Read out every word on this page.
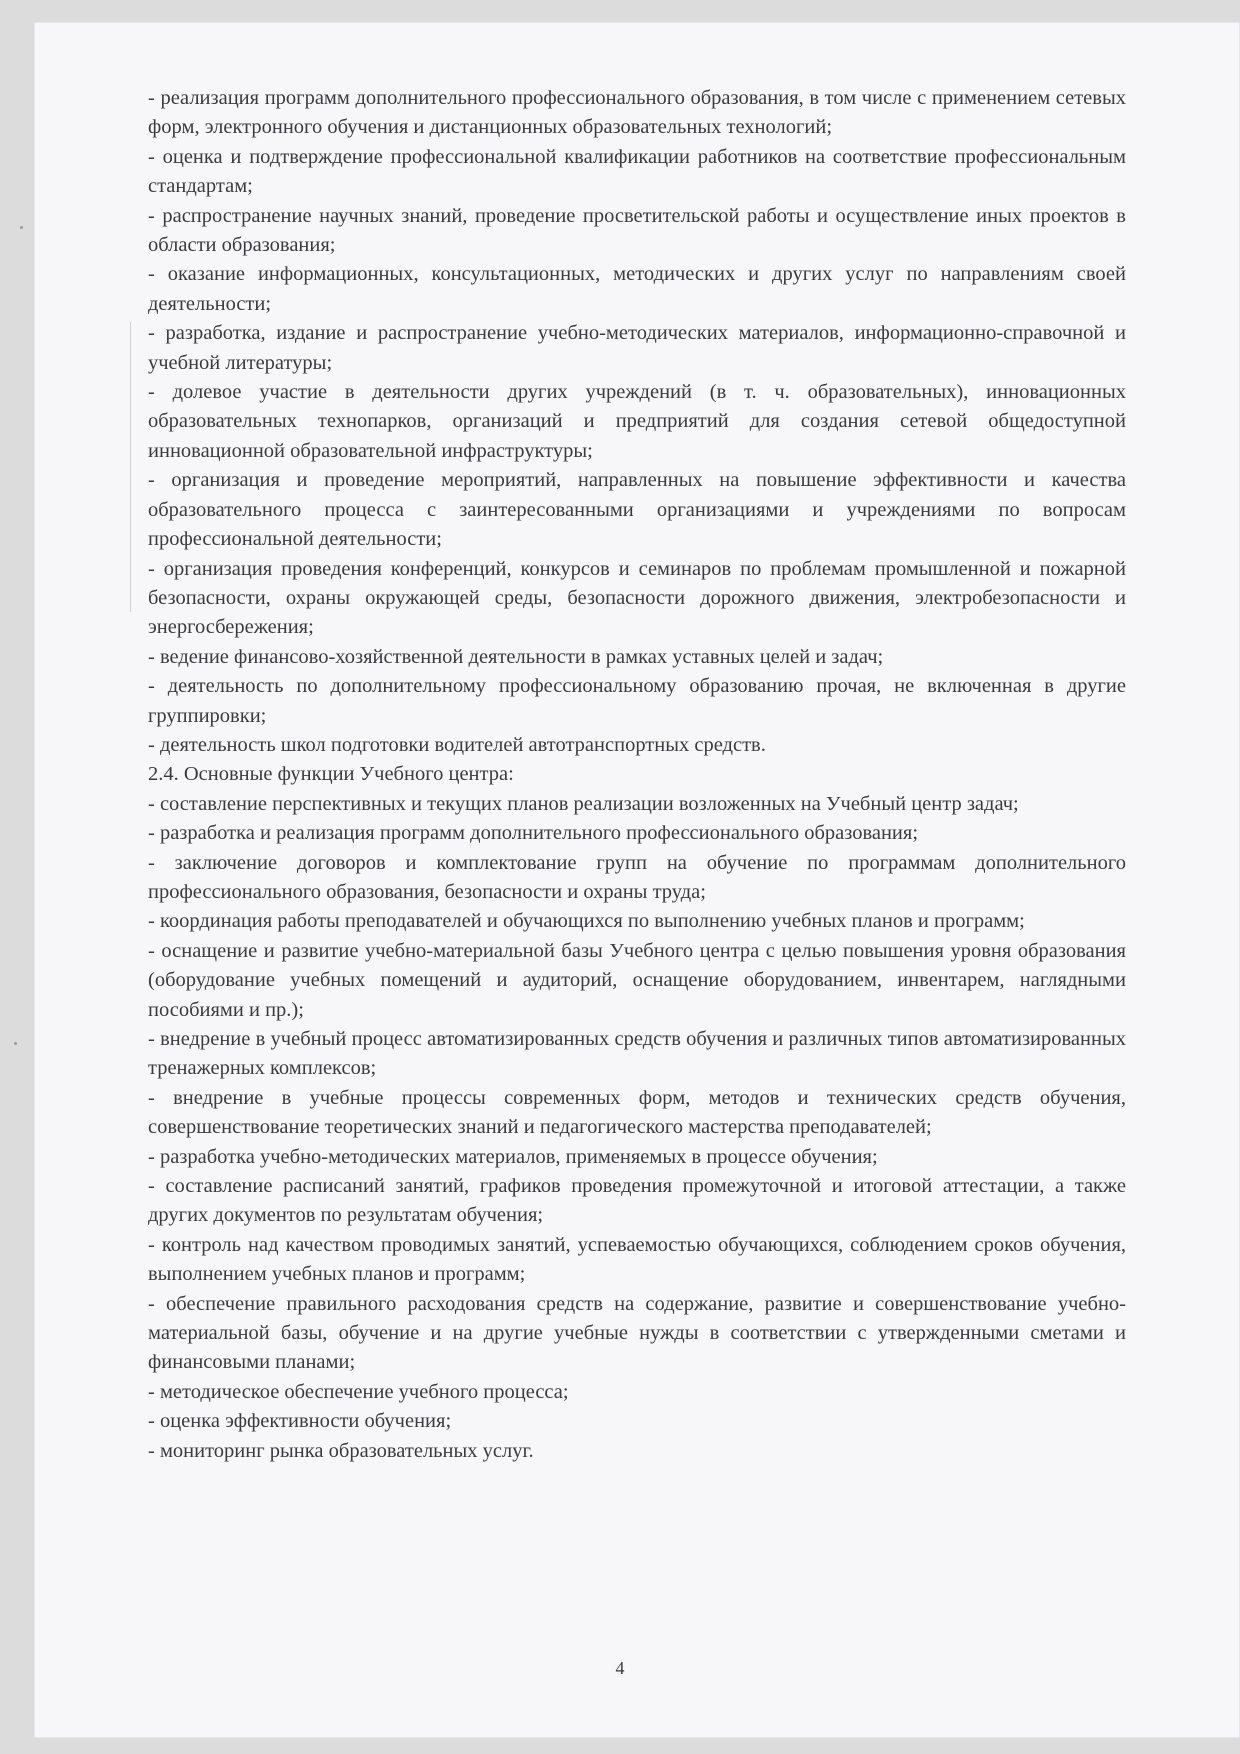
- реализация программ дополнительного профессионального образования, в том числе с применением сетевых форм, электронного обучения и дистанционных образовательных технологий;

- оценка и подтверждение профессиональной квалификации работников на соответствие профессиональным стандартам;

- распространение научных знаний, проведение просветительской работы и осуществление иных проектов в области образования;

- оказание информационных, консультационных, методических и других услуг по направлениям своей деятельности;

- разработка, издание и распространение учебно-методических материалов, информационно-справочной и учебной литературы;

- долевое участие в деятельности других учреждений (в т. ч. образовательных), инновационных образовательных технопарков, организаций и предприятий для создания сетевой общедоступной инновационной образовательной инфраструктуры;

- организация и проведение мероприятий, направленных на повышение эффективности и качества образовательного процесса с заинтересованными организациями и учреждениями по вопросам профессиональной деятельности;

- организация проведения конференций, конкурсов и семинаров по проблемам промышленной и пожарной безопасности, охраны окружающей среды, безопасности дорожного движения, электробезопасности и энергосбережения;

- ведение финансово-хозяйственной деятельности в рамках уставных целей и задач;

- деятельность по дополнительному профессиональному образованию прочая, не включенная в другие группировки;

- деятельность школ подготовки водителей автотранспортных средств.

2.4. Основные функции Учебного центра:

- составление перспективных и текущих планов реализации возложенных на Учебный центр задач;

- разработка и реализация программ дополнительного профессионального образования;

- заключение договоров и комплектование групп на обучение по программам дополнительного профессионального образования, безопасности и охраны труда;

- координация работы преподавателей и обучающихся по выполнению учебных планов и программ;

- оснащение и развитие учебно-материальной базы Учебного центра с целью повышения уровня образования (оборудование учебных помещений и аудиторий, оснащение оборудованием, инвентарем, наглядными пособиями и пр.);

- внедрение в учебный процесс автоматизированных средств обучения и различных типов автоматизированных тренажерных комплексов;

- внедрение в учебные процессы современных форм, методов и технических средств обучения, совершенствование теоретических знаний и педагогического мастерства преподавателей;

- разработка учебно-методических материалов, применяемых в процессе обучения;

- составление расписаний занятий, графиков проведения промежуточной и итоговой аттестации, а также других документов по результатам обучения;

- контроль над качеством проводимых занятий, успеваемостью обучающихся, соблюдением сроков обучения, выполнением учебных планов и программ;

- обеспечение правильного расходования средств на содержание, развитие и совершенствование учебно-материальной базы, обучение и на другие учебные нужды в соответствии с утвержденными сметами и финансовыми планами;

- методическое обеспечение учебного процесса;

- оценка эффективности обучения;

- мониторинг рынка образовательных услуг.

4
